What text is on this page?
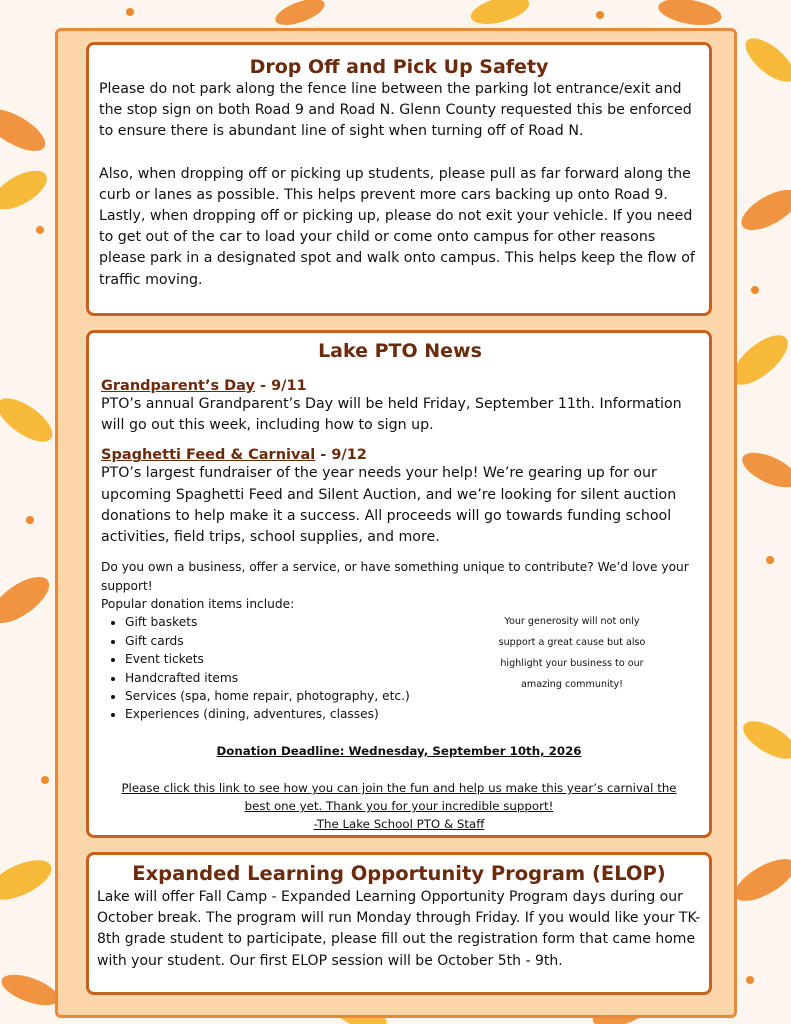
Drop Off and Pick Up Safety

Please do not park along the fence line between the parking lot entrance/exit and the stop sign on both Road 9 and Road N. Glenn County requested this be enforced to ensure there is abundant line of sight when turning off of Road N.

Also, when dropping off or picking up students, please pull as far forward along the curb or lanes as possible. This helps prevent more cars backing up onto Road 9. Lastly, when dropping off or picking up, please do not exit your vehicle. If you need to get out of the car to load your child or come onto campus for other reasons please park in a designated spot and walk onto campus. This helps keep the flow of traffic moving.

Lake PTO News
Grandparent’s Day - 9/11

PTO’s annual Grandparent’s Day will be held Friday, September 11th. Information will go out this week, including how to sign up.

Spaghetti Feed & Carnival - 9/12

PTO’s largest fundraiser of the year needs your help! We’re gearing up for our upcoming Spaghetti Feed and Silent Auction, and we’re looking for silent auction donations to help make it a success. All proceeds will go towards funding school activities, field trips, school supplies, and more.

Do you own a business, offer a service, or have something unique to contribute? We’d love your support!

Popular donation items include:

• Gift baskets
• Gift cards
• Event tickets
• Handcrafted items
• Services (spa, home repair, photography, etc.)
• Experiences (dining, adventures, classes)
Your generosity will not only support a great cause but also highlight your business to our amazing community!
Donation Deadline: Wednesday, September 10th, 2026
Please click this link to see how you can join the fun and help us make this year’s carnival the best one yet. Thank you for your incredible support!
-The Lake School PTO & Staff
Expanded Learning Opportunity Program (ELOP)

Lake will offer Fall Camp - Expanded Learning Opportunity Program days during our October break. The program will run Monday through Friday. If you would like your TK-8th grade student to participate, please fill out the registration form that came home with your student. Our first ELOP session will be October 5th - 9th.
